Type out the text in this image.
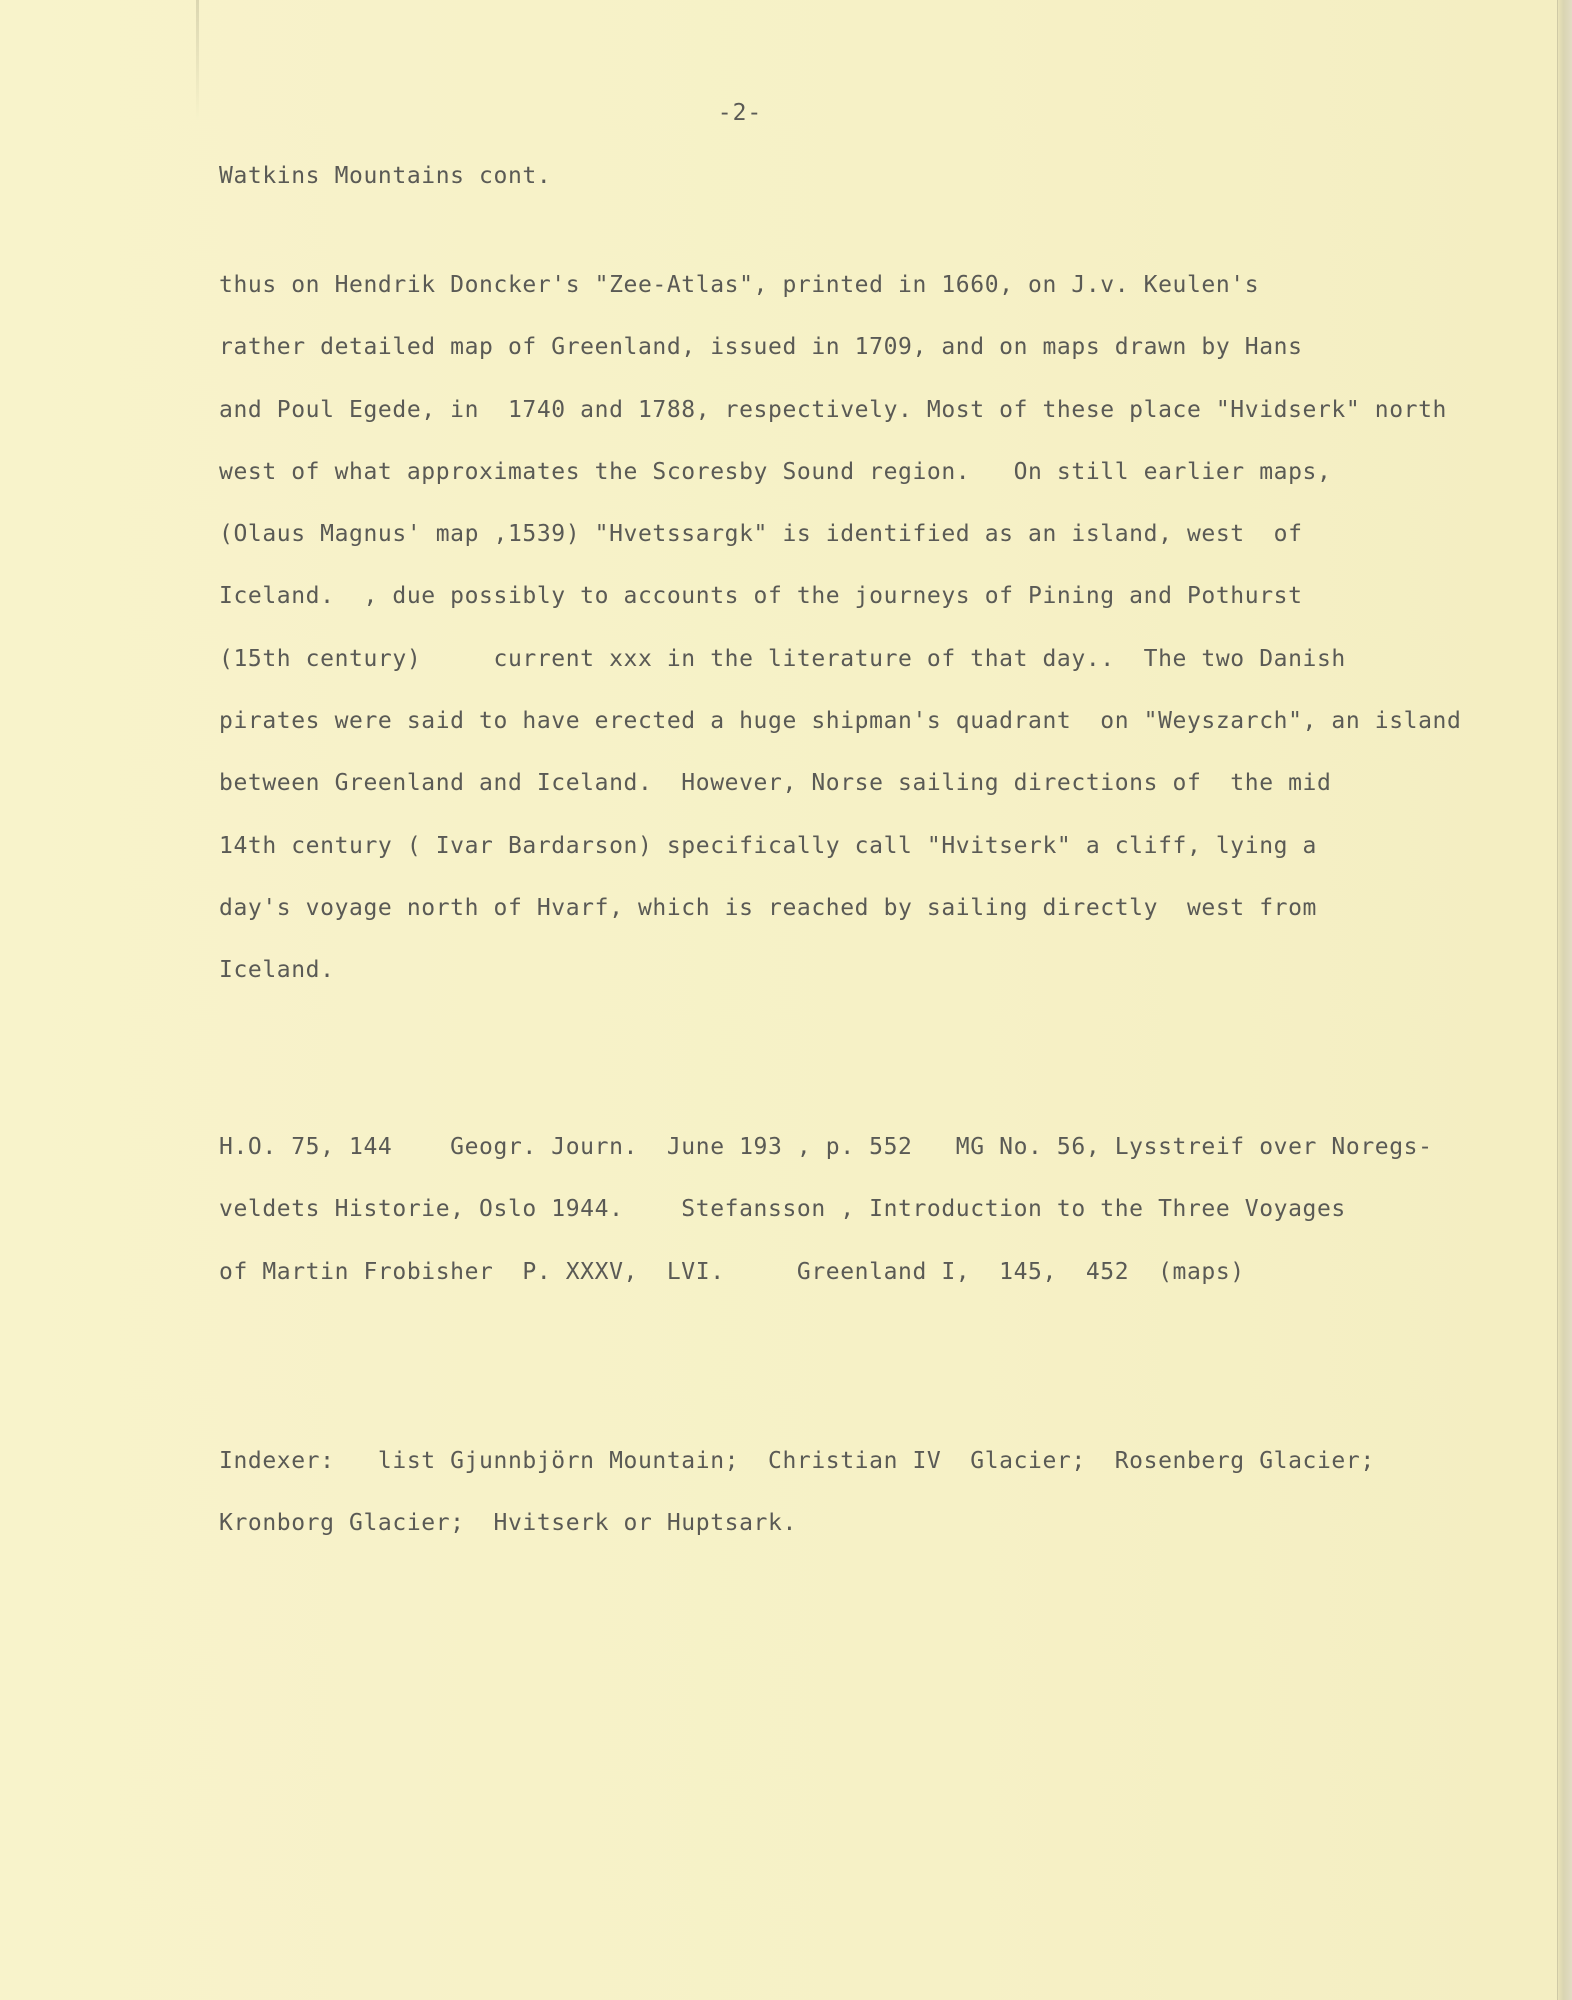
-2-
Watkins Mountains cont.
thus on Hendrik Doncker's "Zee-Atlas", printed in 1660, on J.v. Keulen's
rather detailed map of Greenland, issued in 1709, and on maps drawn by Hans
and Poul Egede, in  1740 and 1788, respectively. Most of these place "Hvidserk" north
west of what approximates the Scoresby Sound region.   On still earlier maps,
(Olaus Magnus' map ,1539) "Hvetssargk" is identified as an island, west  of
Iceland.  , due possibly to accounts of the journeys of Pining and Pothurst
(15th century)     current xxx in the literature of that day..  The two Danish
pirates were said to have erected a huge shipman's quadrant  on "Weyszarch", an island
between Greenland and Iceland.  However, Norse sailing directions of  the mid
14th century ( Ivar Bardarson) specifically call "Hvitserk" a cliff, lying a
day's voyage north of Hvarf, which is reached by sailing directly  west from
Iceland.
H.O. 75, 144    Geogr. Journ.  June 193 , p. 552   MG No. 56, Lysstreif over Noregs-
veldets Historie, Oslo 1944.    Stefansson , Introduction to the Three Voyages
of Martin Frobisher  P. XXXV,  LVI.     Greenland I,  145,  452  (maps)
Indexer:   list Gjunnbjörn Mountain;  Christian IV  Glacier;  Rosenberg Glacier;
Kronborg Glacier;  Hvitserk or Huptsark.
